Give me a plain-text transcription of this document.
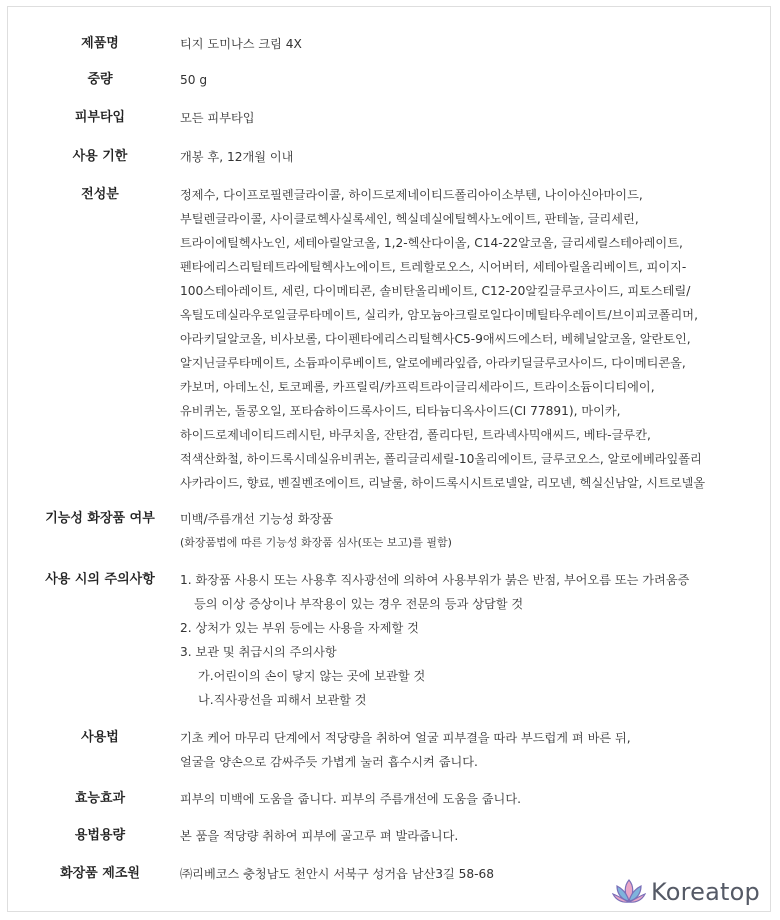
제품명	티지 도미나스 크림 4X
중량	50 g
피부타입	모든 피부타입
사용 기한	개봉 후, 12개월 이내
전성분	정제수, 다이프로필렌글라이콜, 하이드로제네이티드폴리아이소부텐, 나이아신아마이드,
부틸렌글라이콜, 사이클로헥사실록세인, 헥실데실에틸헥사노에이트, 판테놀, 글리세린,
트라이에틸헥사노인, 세테아릴알코올, 1,2-헥산다이올, C14-22알코올, 글리세릴스테아레이트,
펜타에리스리틸테트라에틸헥사노에이트, 트레할로오스, 시어버터, 세테아릴올리베이트, 피이지-
100스테아레이트, 세린, 다이메티콘, 솔비탄올리베이트, C12-20알킬글루코사이드, 피토스테릴/
옥틸도데실라우로일글루타메이트, 실리카, 암모늄아크릴로일다이메틸타우레이트/브이피코폴리머,
아라키딜알코올, 비사보롤, 다이펜타에리스리틸헥사C5-9애씨드에스터, 베헤닐알코올, 알란토인,
알지닌글루타메이트, 소듐파이루베이트, 알로에베라잎즙, 아라키딜글루코사이드, 다이메티콘올,
카보머, 아데노신, 토코페롤, 카프릴릭/카프릭트라이글리세라이드, 트라이소듐이디티에이,
유비퀴논, 돌콩오일, 포타슘하이드록사이드, 티타늄디옥사이드(CI 77891), 마이카,
하이드로제네이티드레시틴, 바쿠치올, 잔탄검, 폴리다틴, 트라넥사믹애씨드, 베타-글루칸,
적색산화철, 하이드록시데실유비퀴논, 폴리글리세릴-10올리에이트, 글루코오스, 알로에베라잎폴리
사카라이드, 향료, 벤질벤조에이트, 리날룰, 하이드록시시트로넬알, 리모넨, 헥실신남알, 시트로넬올
기능성 화장품 여부	미백/주름개선 기능성 화장품
(화장품법에 따른 기능성 화장품 심사(또는 보고)를 필함)
사용 시의 주의사항	1. 화장품 사용시 또는 사용후 직사광선에 의하여 사용부위가 붉은 반점, 부어오름 또는 가려움증
등의 이상 증상이나 부작용이 있는 경우 전문의 등과 상담할 것
2. 상처가 있는 부위 등에는 사용을 자제할 것
3. 보관 및 취급시의 주의사항
가.어린이의 손이 닿지 않는 곳에 보관할 것
나.직사광선을 피해서 보관할 것
사용법	기초 케어 마무리 단계에서 적당량을 취하여 얼굴 피부결을 따라 부드럽게 펴 바른 뒤,
얼굴을 양손으로 감싸주듯 가볍게 눌러 흡수시켜 줍니다.
효능효과	피부의 미백에 도움을 줍니다. 피부의 주름개선에 도움을 줍니다.
용법용량	본 품을 적당량 취하여 피부에 골고루 펴 발라줍니다.
화장품 제조원	㈜리베코스 충청남도 천안시 서북구 성거읍 남산3길 58-68
Koreatop
